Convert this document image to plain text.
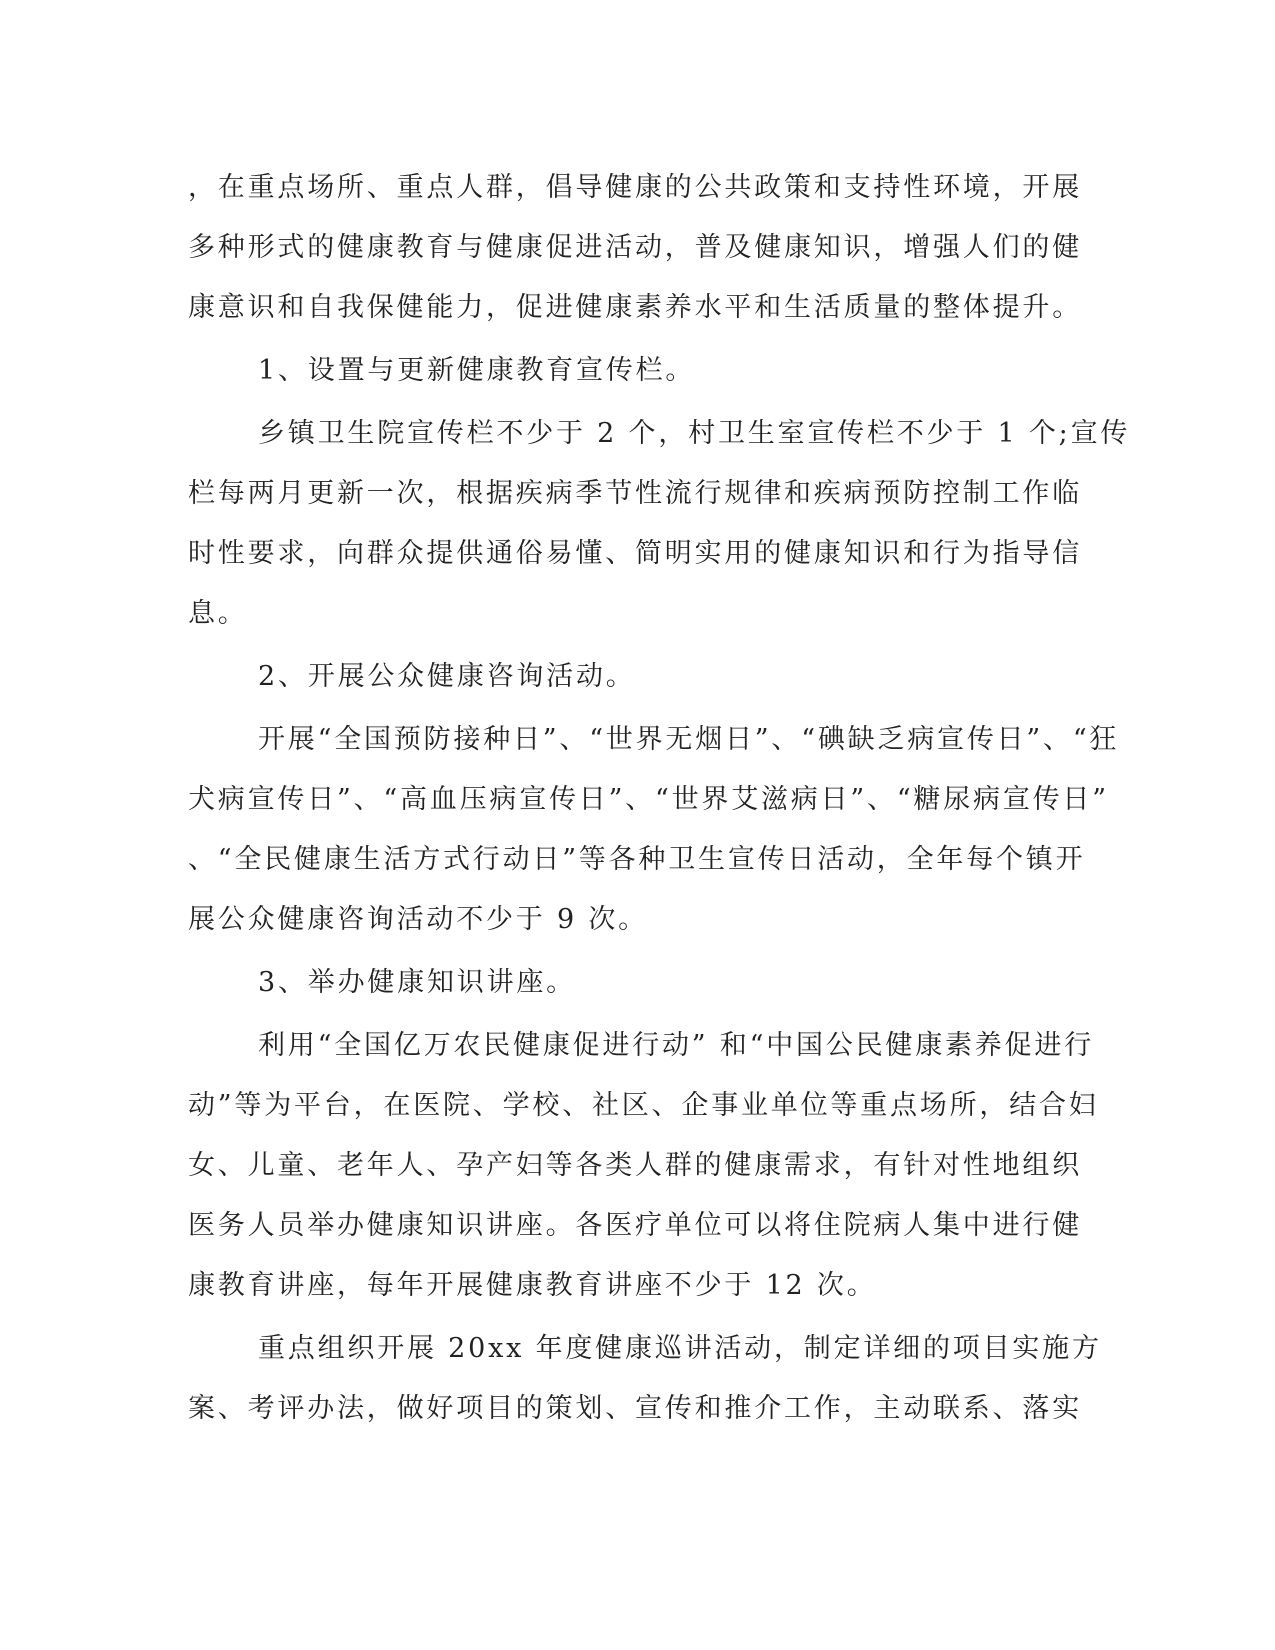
，在重点场所、重点人群，倡导健康的公共政策和支持性环境，开展
多种形式的健康教育与健康促进活动，普及健康知识，增强人们的健
康意识和自我保健能力，促进健康素养水平和生活质量的整体提升。
1、设置与更新健康教育宣传栏。
乡镇卫生院宣传栏不少于 2 个，村卫生室宣传栏不少于 1 个;宣传
栏每两月更新一次，根据疾病季节性流行规律和疾病预防控制工作临
时性要求，向群众提供通俗易懂、简明实用的健康知识和行为指导信
息。
2、开展公众健康咨询活动。
开展“全国预防接种日”、“世界无烟日”、“碘缺乏病宣传日”、“狂
犬病宣传日”、“高血压病宣传日”、“世界艾滋病日”、“糖尿病宣传日”
、“全民健康生活方式行动日”等各种卫生宣传日活动，全年每个镇开
展公众健康咨询活动不少于 9 次。
3、举办健康知识讲座。
利用“全国亿万农民健康促进行动” 和“中国公民健康素养促进行
动”等为平台，在医院、学校、社区、企事业单位等重点场所，结合妇
女、儿童、老年人、孕产妇等各类人群的健康需求，有针对性地组织
医务人员举办健康知识讲座。各医疗单位可以将住院病人集中进行健
康教育讲座，每年开展健康教育讲座不少于 12 次。
重点组织开展 20xx 年度健康巡讲活动，制定详细的项目实施方
案、考评办法，做好项目的策划、宣传和推介工作，主动联系、落实
